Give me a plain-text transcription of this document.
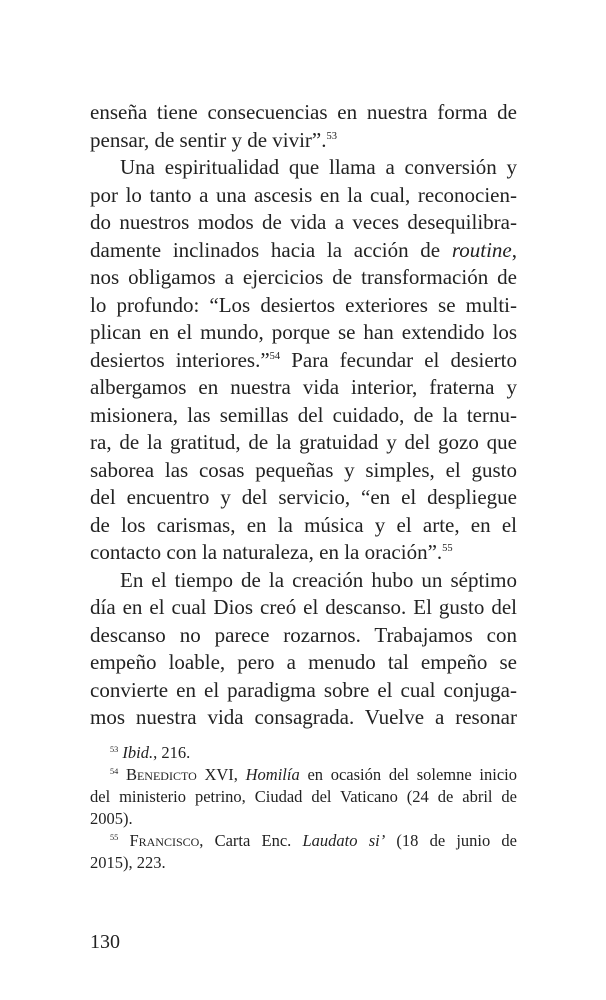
enseña tiene consecuencias en nuestra forma de
pensar, de sentir y de vivir”.$^{53}$
Una espiritualidad que llama a conversión y
por lo tanto a una ascesis en la cual, reconocien-
do nuestros modos de vida a veces desequilibra-
damente inclinados hacia la acción de routine,
nos obligamos a ejercicios de transformación de
lo profundo: “Los desiertos exteriores se multi-
plican en el mundo, porque se han extendido los
desiertos interiores.”$^{54}$ Para fecundar el desierto
albergamos en nuestra vida interior, fraterna y
misionera, las semillas del cuidado, de la ternu-
ra, de la gratitud, de la gratuidad y del gozo que
saborea las cosas pequeñas y simples, el gusto
del encuentro y del servicio, “en el despliegue
de los carismas, en la música y el arte, en el
contacto con la naturaleza, en la oración”.$^{55}$
En el tiempo de la creación hubo un séptimo
día en el cual Dios creó el descanso. El gusto del
descanso no parece rozarnos. Trabajamos con
empeño loable, pero a menudo tal empeño se
convierte en el paradigma sobre el cual conjuga-
mos nuestra vida consagrada. Vuelve a resonar
$^{53}$ Ibid., 216.
$^{54}$ Benedicto XVI, Homilía en ocasión del solemne inicio
del ministerio petrino, Ciudad del Vaticano (24 de abril de
2005).
$^{55}$ Francisco, Carta Enc. Laudato si’ (18 de junio de
2015), 223.
130
